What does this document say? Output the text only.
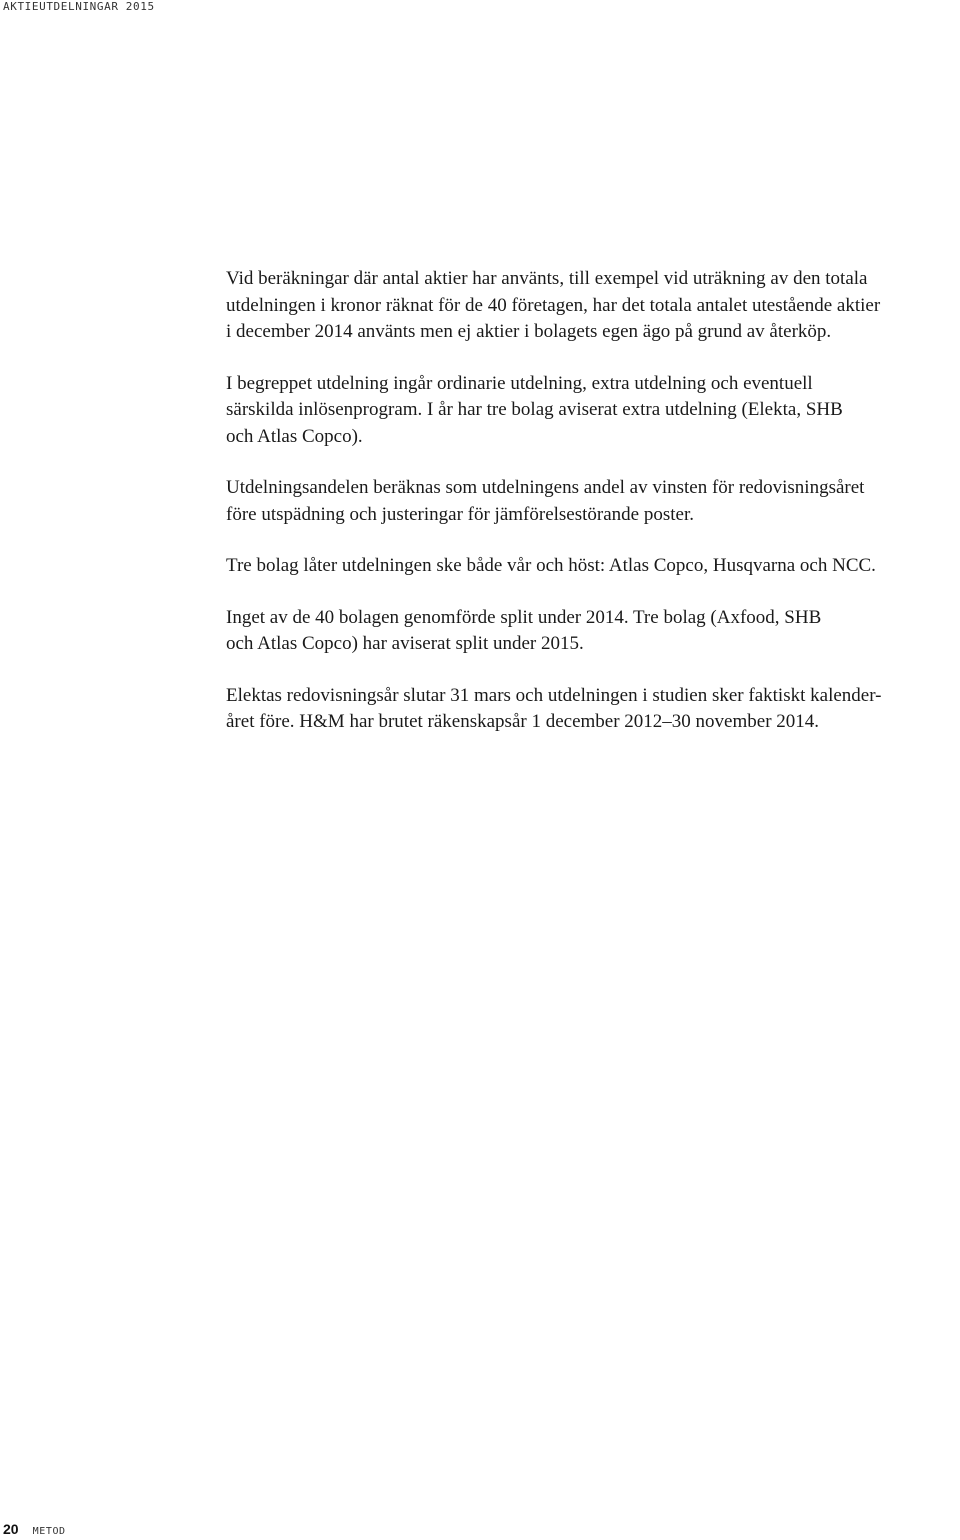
AKTIEUTDELNINGAR 2015

Vid beräkningar där antal aktier har använts, till exempel vid uträkning av den totala
utdelningen i kronor räknat för de 40 företagen, har det totala antalet utestående aktier
i december 2014 använts men ej aktier i bolagets egen ägo på grund av återköp.

I begreppet utdelning ingår ordinarie utdelning, extra utdelning och eventuell
särskilda inlösenprogram. I år har tre bolag aviserat extra utdelning (Elekta, SHB
och Atlas Copco).

Utdelningsandelen beräknas som utdelningens andel av vinsten för redovisningsåret
före utspädning och justeringar för jämförelsestörande poster.

Tre bolag låter utdelningen ske både vår och höst: Atlas Copco, Husqvarna och NCC.

Inget av de 40 bolagen genomförde split under 2014. Tre bolag (Axfood, SHB
och Atlas Copco) har aviserat split under 2015.

Elektas redovisningsår slutar 31 mars och utdelningen i studien sker faktiskt kalender-
året före. H&M har brutet räkenskapsår 1 december 2012–30 november 2014.

20 METOD
